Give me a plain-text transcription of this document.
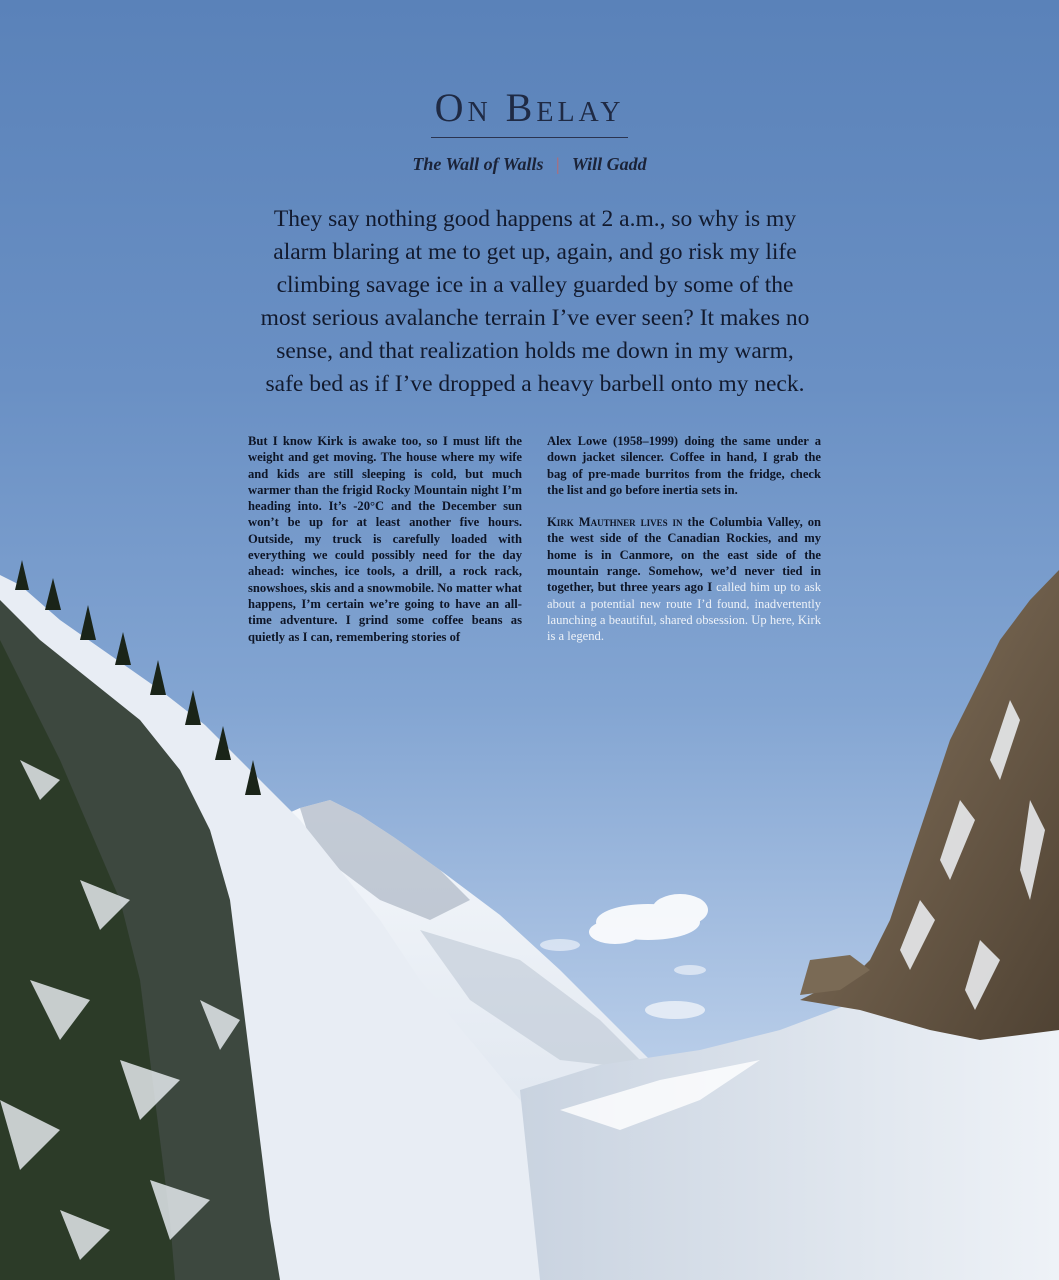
On Belay
The Wall of Walls | Will Gadd
They say nothing good happens at 2 a.m., so why is my alarm blaring at me to get up, again, and go risk my life climbing savage ice in a valley guarded by some of the most serious avalanche terrain I’ve ever seen? It makes no sense, and that realization holds me down in my warm, safe bed as if I’ve dropped a heavy barbell onto my neck.

But I know Kirk is awake too, so I must lift the weight and get moving. The house where my wife and kids are still sleeping is cold, but much warmer than the frigid Rocky Mountain night I’m heading into. It’s -20°C and the December sun won’t be up for at least another five hours. Outside, my truck is carefully loaded with everything we could possibly need for the day ahead: winches, ice tools, a drill, a rock rack, snowshoes, skis and a snowmobile. No matter what happens, I’m certain we’re going to have an all-time adventure. I grind some coffee beans as quietly as I can, remembering stories of

Alex Lowe (1958–1999) doing the same under a down jacket silencer. Coffee in hand, I grab the bag of pre-made burritos from the fridge, check the list and go before inertia sets in.

Kirk Mauthner lives in the Columbia Valley, on the west side of the Canadian Rockies, and my home is in Canmore, on the east side of the mountain range. Somehow, we’d never tied in together, but three years ago I called him up to ask about a potential new route I’d found, inadvertently launching a beautiful, shared obsession. Up here, Kirk is a legend.
